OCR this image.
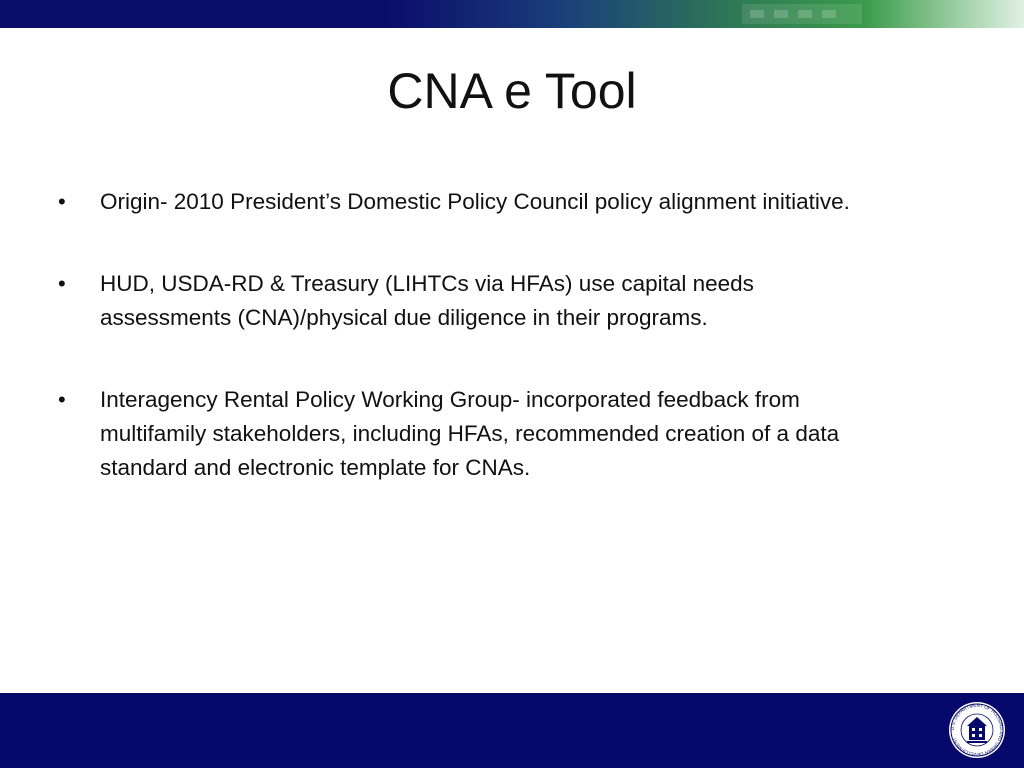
CNA e Tool
•	Origin- 2010 President’s Domestic Policy Council policy alignment initiative.
•	HUD, USDA-RD & Treasury (LIHTCs via HFAs) use capital needs assessments (CNA)/physical due diligence in their programs.
•	Interagency Rental Policy Working Group- incorporated feedback from multifamily stakeholders, including HFAs, recommended creation of a data standard and electronic template for CNAs.
U.S. DEPARTMENT OF HOUSING AND URBAN DEVELOPMENT
